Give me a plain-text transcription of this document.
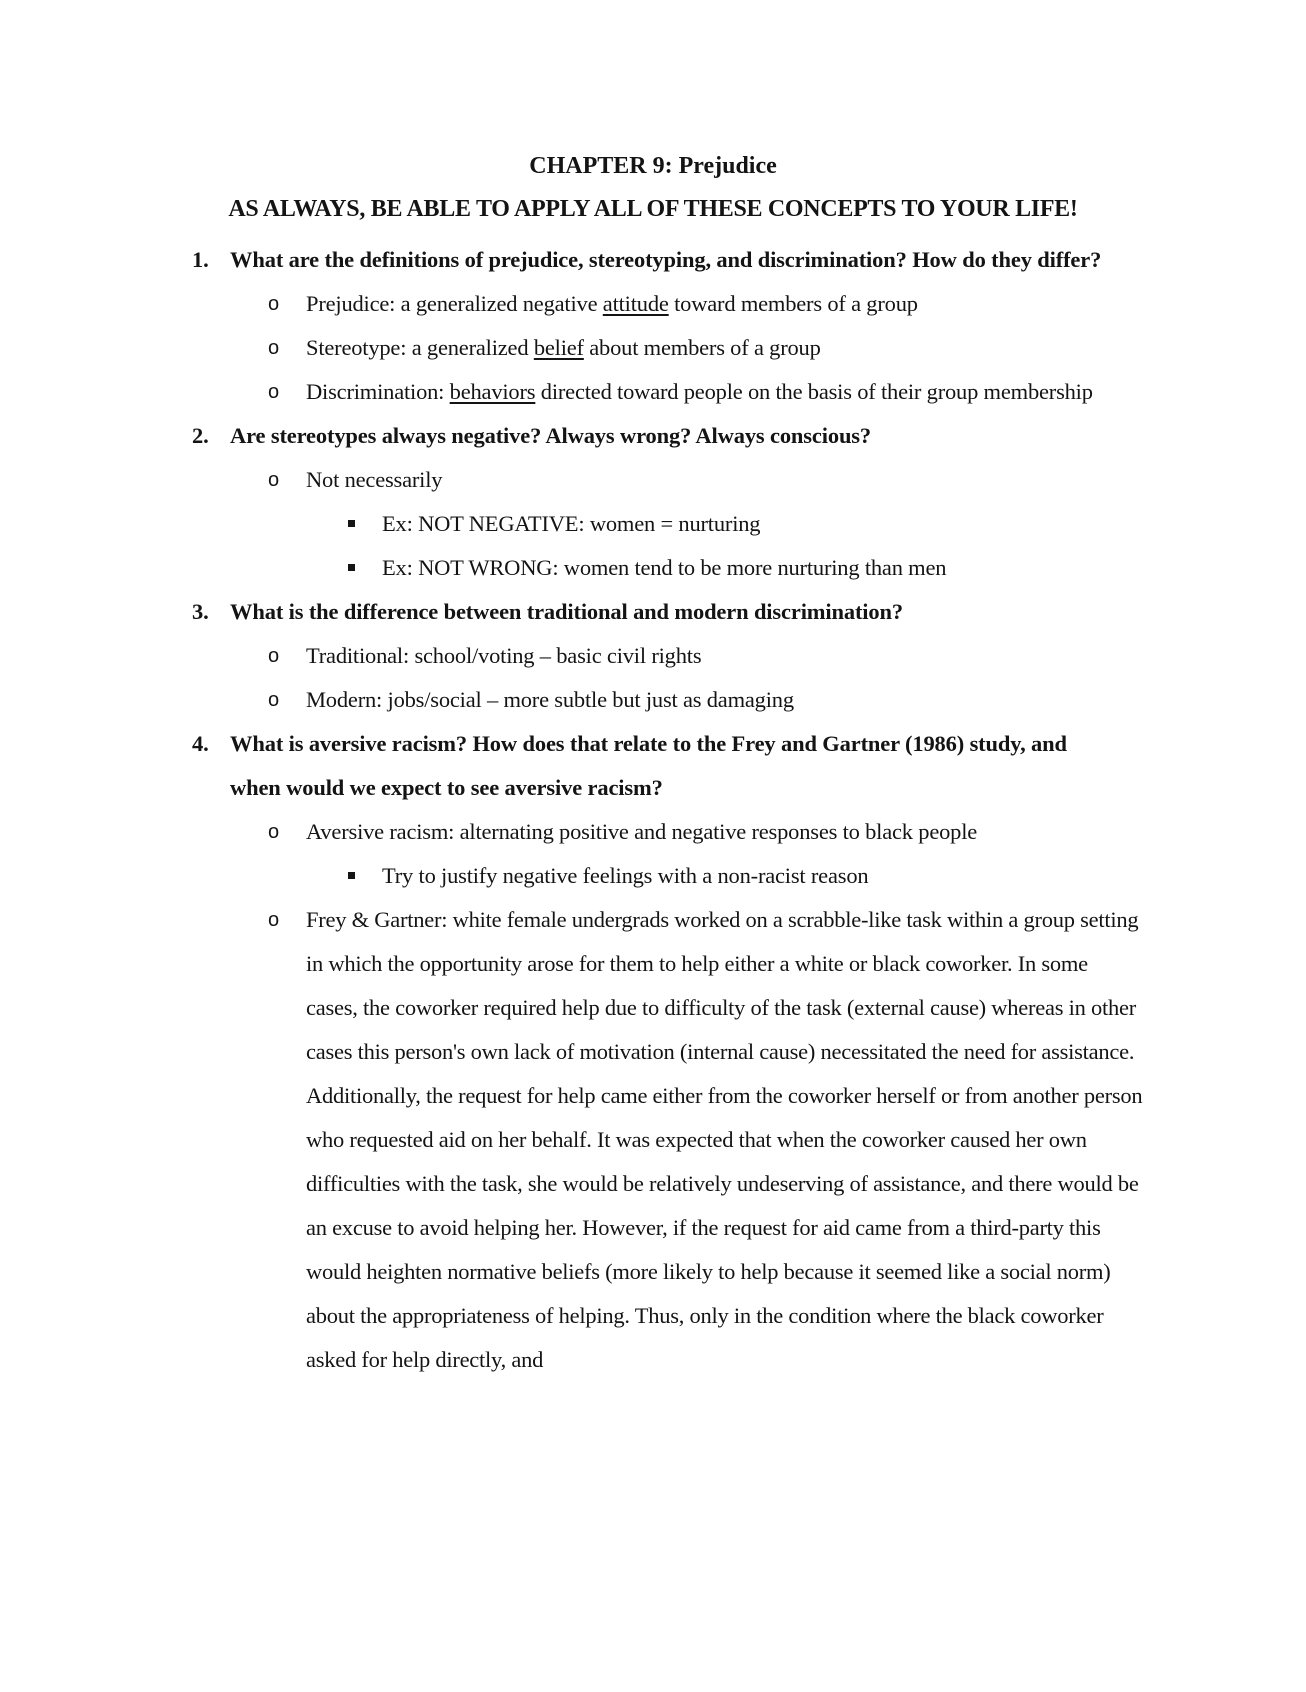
CHAPTER 9: Prejudice
AS ALWAYS, BE ABLE TO APPLY ALL OF THESE CONCEPTS TO YOUR LIFE!
1. What are the definitions of prejudice, stereotyping, and discrimination? How do they differ?
o Prejudice: a generalized negative attitude toward members of a group
o Stereotype: a generalized belief about members of a group
o Discrimination: behaviors directed toward people on the basis of their group membership
2. Are stereotypes always negative? Always wrong? Always conscious?
o Not necessarily
Ex: NOT NEGATIVE: women = nurturing
Ex: NOT WRONG: women tend to be more nurturing than men
3. What is the difference between traditional and modern discrimination?
o Traditional: school/voting – basic civil rights
o Modern: jobs/social – more subtle but just as damaging
4. What is aversive racism? How does that relate to the Frey and Gartner (1986) study, and when would we expect to see aversive racism?
o Aversive racism: alternating positive and negative responses to black people
Try to justify negative feelings with a non-racist reason
o Frey & Gartner: white female undergrads worked on a scrabble-like task within a group setting in which the opportunity arose for them to help either a white or black coworker. In some cases, the coworker required help due to difficulty of the task (external cause) whereas in other cases this person's own lack of motivation (internal cause) necessitated the need for assistance. Additionally, the request for help came either from the coworker herself or from another person who requested aid on her behalf. It was expected that when the coworker caused her own difficulties with the task, she would be relatively undeserving of assistance, and there would be an excuse to avoid helping her. However, if the request for aid came from a third-party this would heighten normative beliefs (more likely to help because it seemed like a social norm) about the appropriateness of helping. Thus, only in the condition where the black coworker asked for help directly, and
